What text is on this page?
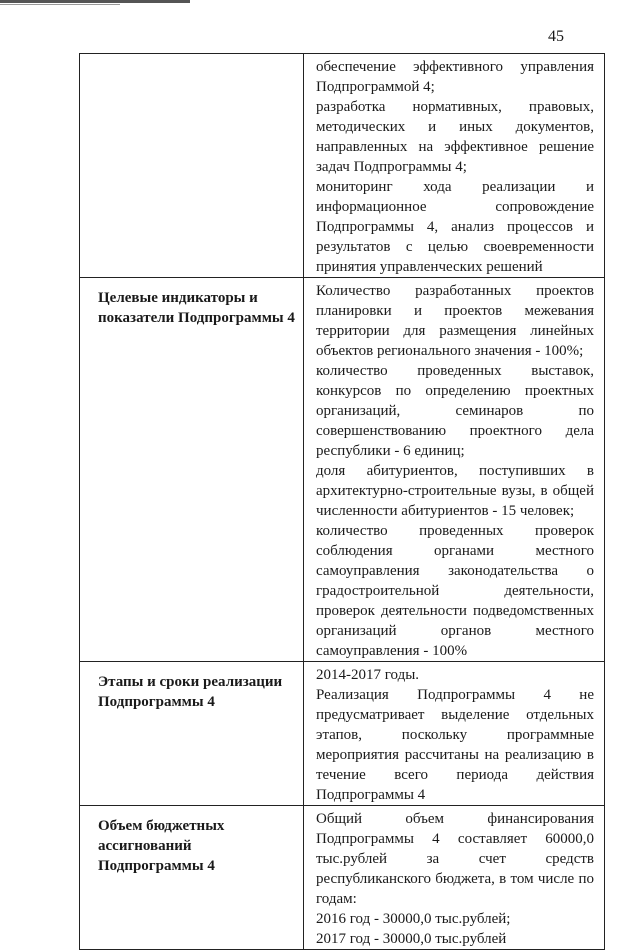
45

	обеспечение эффективного управления Подпрограммой 4;
разработка нормативных, правовых, методических и иных документов, направленных на эффективное решение задач Подпрограммы 4;
мониторинг хода реализации и информационное сопровождение Подпрограммы 4, анализ процессов и результатов с целью своевременности принятия управленческих решений

Целевые индикаторы и показатели Подпрограммы 4	Количество разработанных проектов планировки и проектов межевания территории для размещения линейных объектов регионального значения - 100%;
количество проведенных выставок, конкурсов по определению проектных организаций, семинаров по совершенствованию проектного дела республики - 6 единиц;
доля абитуриентов, поступивших в архитектурно-строительные вузы, в общей численности абитуриентов - 15 человек;
количество проведенных проверок соблюдения органами местного самоуправления законодательства о градостроительной деятельности, проверок деятельности подведомственных организаций органов местного самоуправления - 100%

Этапы и сроки реализации Подпрограммы 4	2014-2017 годы.
Реализация Подпрограммы 4 не предусматривает выделение отдельных этапов, поскольку программные мероприятия рассчитаны на реализацию в течение всего периода действия Подпрограммы 4

Объем бюджетных ассигнований Подпрограммы 4	Общий объем финансирования Подпрограммы 4 составляет 60000,0 тыс.рублей за счет средств республиканского бюджета, в том числе по годам:
2016 год - 30000,0 тыс.рублей;
2017 год - 30000,0 тыс.рублей
